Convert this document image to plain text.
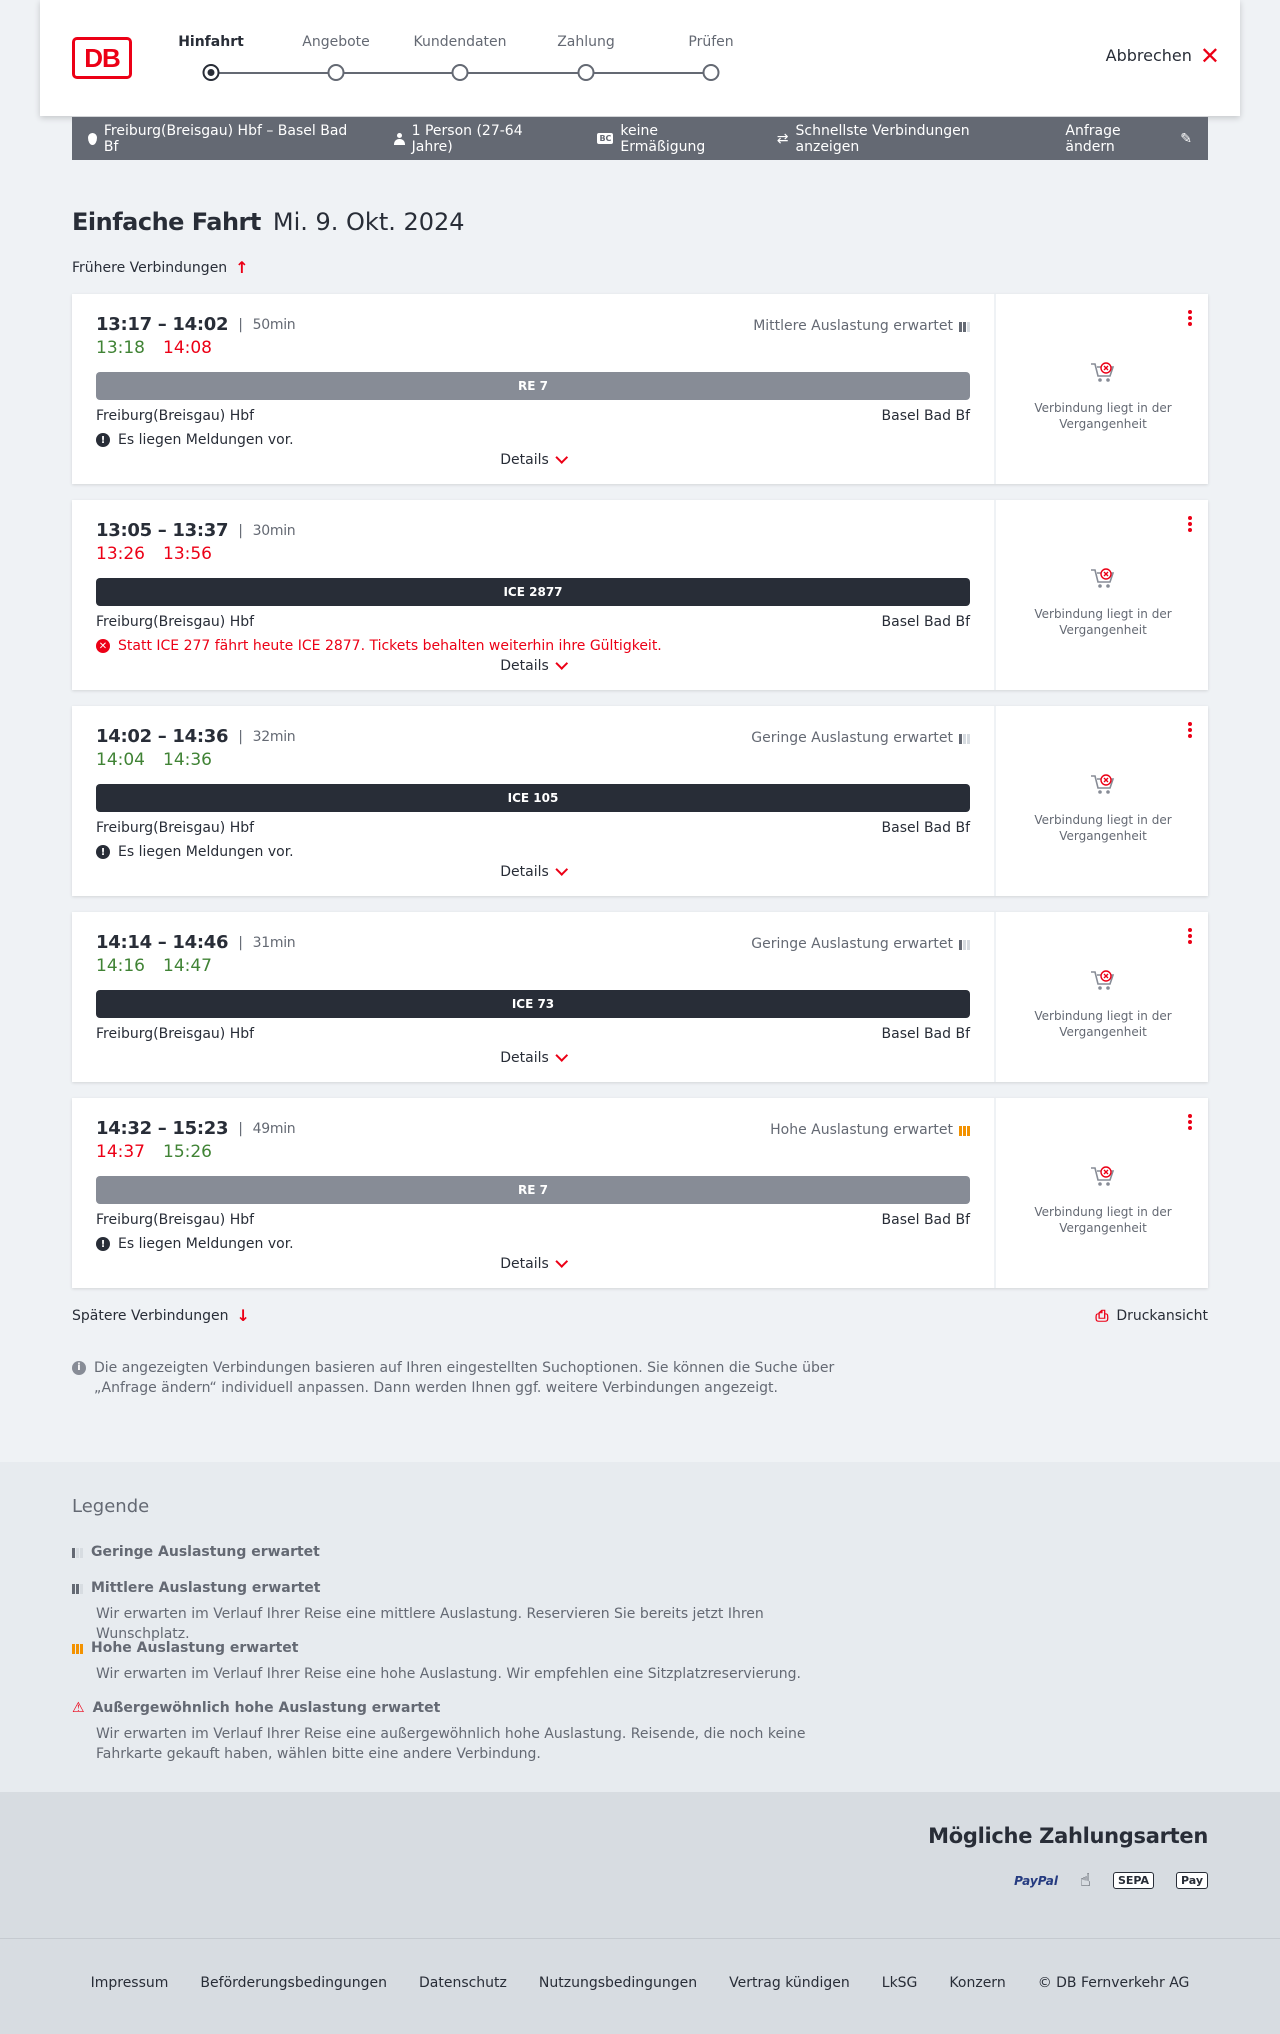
DB
Hinfahrt	Angebote	Kundendaten	Zahlung	Prüfen
Abbrechen ✕
Freiburg(Breisgau) Hbf – Basel Bad Bf
1 Person (27-64 Jahre)	BC keine Ermäßigung	⇄ Schnellste Verbindungen anzeigen
Anfrage ändern	✎
Einfache Fahrt Mi. 9. Okt. 2024
Frühere Verbindungen ↑
13:17 – 14:02 | 50min
13:18 14:08
Mittlere Auslastung erwartet
RE 7
Freiburg(Breisgau) Hbf	Basel Bad Bf
! Es liegen Meldungen vor.
Details
Verbindung liegt in der Vergangenheit
13:05 – 13:37 | 30min
13:26 13:56
ICE 2877
Freiburg(Breisgau) Hbf	Basel Bad Bf
✕ Statt ICE 277 fährt heute ICE 2877. Tickets behalten weiterhin ihre Gültigkeit.
Details
Verbindung liegt in der Vergangenheit
14:02 – 14:36 | 32min
14:04 14:36
Geringe Auslastung erwartet
ICE 105
Freiburg(Breisgau) Hbf	Basel Bad Bf
! Es liegen Meldungen vor.
Details
Verbindung liegt in der Vergangenheit
14:14 – 14:46 | 31min
14:16 14:47
Geringe Auslastung erwartet
ICE 73
Freiburg(Breisgau) Hbf	Basel Bad Bf
Details
Verbindung liegt in der Vergangenheit
14:32 – 15:23 | 49min
14:37 15:26
Hohe Auslastung erwartet
RE 7
Freiburg(Breisgau) Hbf	Basel Bad Bf
! Es liegen Meldungen vor.
Details
Verbindung liegt in der Vergangenheit
Spätere Verbindungen ↓	⎙ Druckansicht
i Die angezeigten Verbindungen basieren auf Ihren eingestellten Suchoptionen. Sie können die Suche über „Anfrage ändern“ individuell anpassen. Dann werden Ihnen ggf. weitere Verbindungen angezeigt.
Legende
Geringe Auslastung erwartet
Mittlere Auslastung erwartet
Wir erwarten im Verlauf Ihrer Reise eine mittlere Auslastung. Reservieren Sie bereits jetzt Ihren Wunschplatz.
Hohe Auslastung erwartet
Wir erwarten im Verlauf Ihrer Reise eine hohe Auslastung. Wir empfehlen eine Sitzplatzreservierung.
⚠ Außergewöhnlich hohe Auslastung erwartet
Wir erwarten im Verlauf Ihrer Reise eine außergewöhnlich hohe Auslastung. Reisende, die noch keine Fahrkarte gekauft haben, wählen bitte eine andere Verbindung.
Mögliche Zahlungsarten
PayPal ☝	SEPA	Pay
Impressum Beförderungsbedingungen Datenschutz Nutzungsbedingungen Vertrag kündigen LkSG Konzern © DB Fernverkehr AG
